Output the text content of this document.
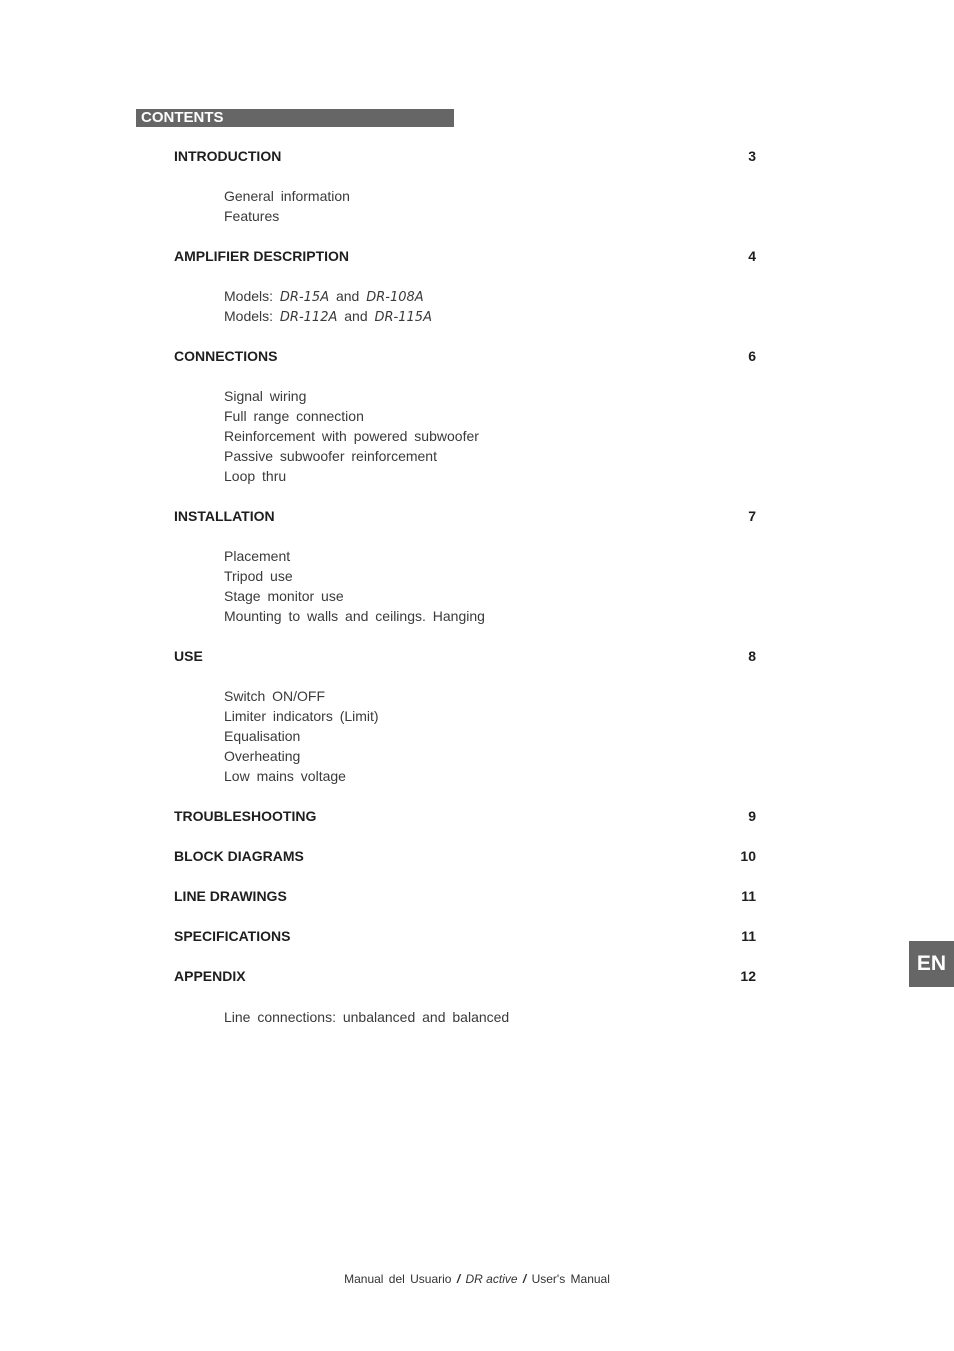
CONTENTS
INTRODUCTION	3
General information
Features
AMPLIFIER DESCRIPTION	4
Models: DR-15A and DR-108A
Models: DR-112A and DR-115A
CONNECTIONS	6
Signal wiring
Full range connection
Reinforcement with powered subwoofer
Passive subwoofer reinforcement
Loop thru
INSTALLATION	7
Placement
Tripod use
Stage monitor use
Mounting to walls and ceilings. Hanging
USE	8
Switch ON/OFF
Limiter indicators (Limit)
Equalisation
Overheating
Low mains voltage
TROUBLESHOOTING	9
BLOCK DIAGRAMS	10
LINE DRAWINGS	11
SPECIFICATIONS	11
APPENDIX	12
Line connections: unbalanced and balanced
EN
Manual del Usuario / DR active / User's Manual
